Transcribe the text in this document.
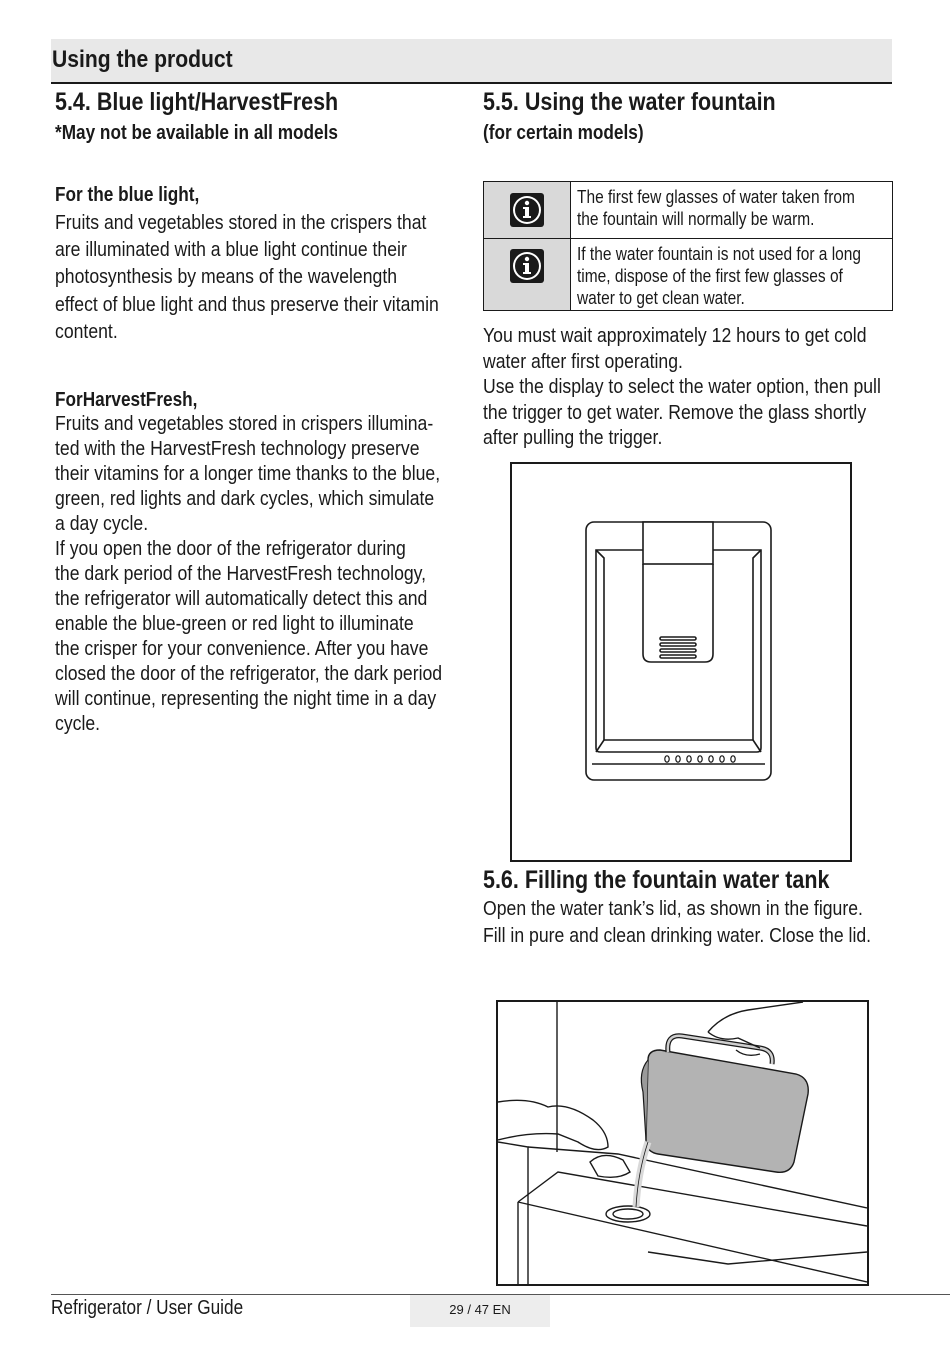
Using the product
5.4. Blue light/HarvestFresh
*May not be available in all models
For the blue light,
Fruits and vegetables stored in the crispers that
are illuminated with a blue light continue their
photosynthesis by means of the wavelength
effect of blue light and thus preserve their vitamin
content.
ForHarvestFresh,
Fruits and vegetables stored in crispers illumina-
ted with the HarvestFresh technology preserve
their vitamins for a longer time thanks to the blue,
green, red lights and dark cycles, which simulate
a day cycle.
If you open the door of the refrigerator during
the dark period of the HarvestFresh technology,
the refrigerator will automatically detect this and
enable the blue-green or red light to illuminate
the crisper for your convenience. After you have
closed the door of the refrigerator, the dark period
will continue, representing the night time in a day
cycle.
5.5. Using the water fountain
(for certain models)
The first few glasses of water taken from
the fountain will normally be warm.
If the water fountain is not used for a long
time, dispose of the first few glasses of
water to get clean water.
You must wait approximately 12 hours to get cold
water after first operating.
Use the display to select the water option, then pull
the trigger to get water. Remove the glass shortly
after pulling the trigger.
5.6. Filling the fountain water tank
Open the water tank’s lid, as shown in the figure.
Fill in pure and clean drinking water. Close the lid.
Refrigerator / User Guide	29 / 47 EN
